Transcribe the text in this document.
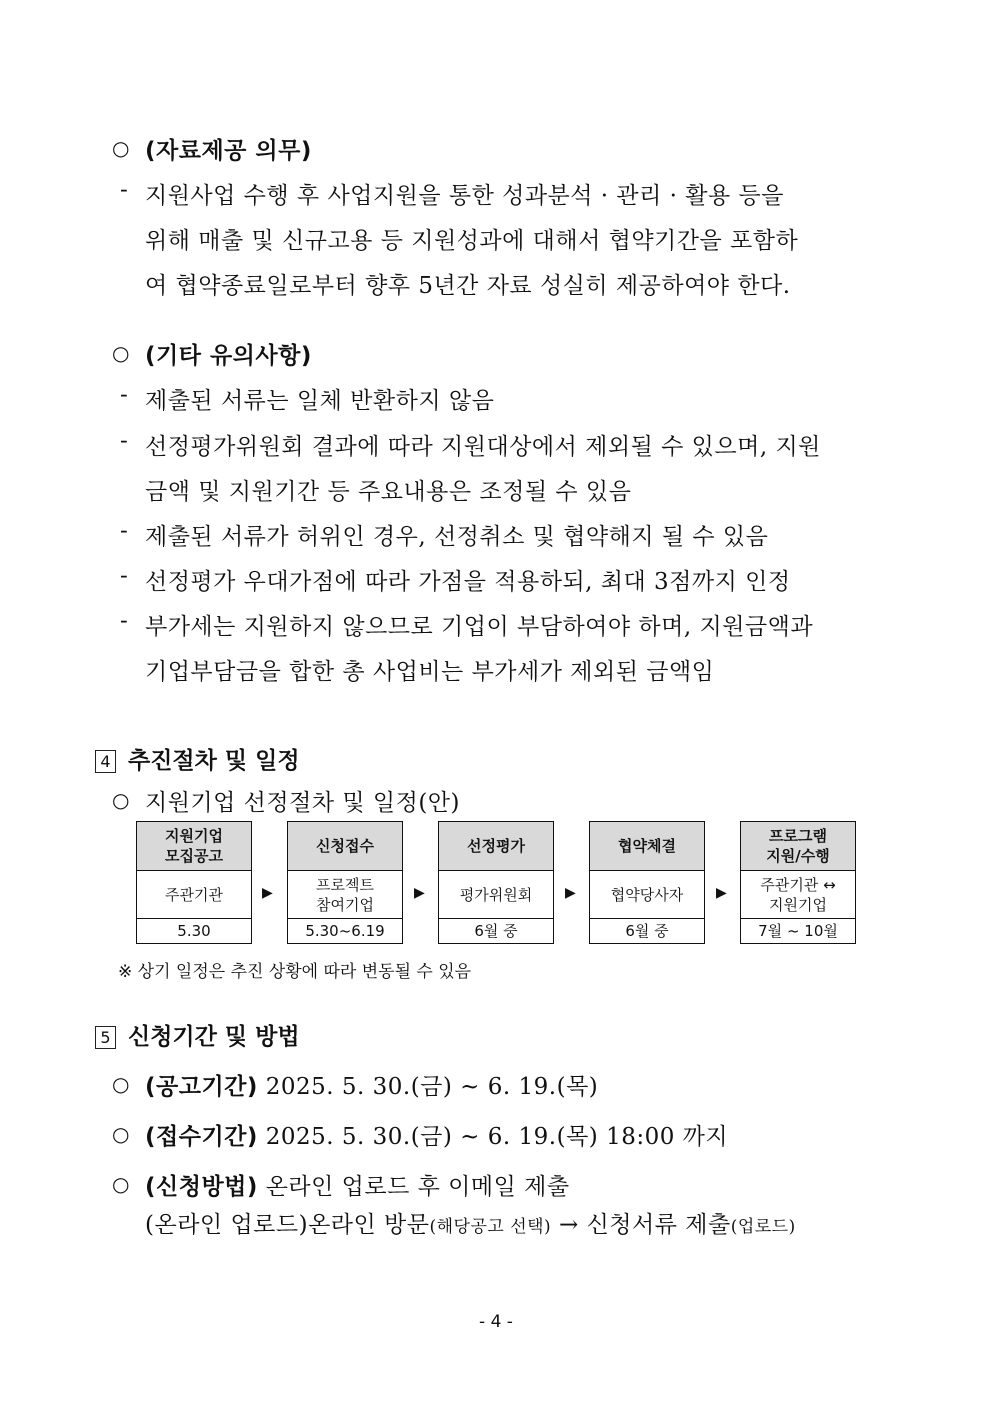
○ (자료제공 의무)
- 지원사업 수행 후 사업지원을 통한 성과분석 · 관리 · 활용 등을
위해 매출 및 신규고용 등 지원성과에 대해서 협약기간을 포함하
여 협약종료일로부터 향후 5년간 자료 성실히 제공하여야 한다.
○ (기타 유의사항)
- 제출된 서류는 일체 반환하지 않음
- 선정평가위원회 결과에 따라 지원대상에서 제외될 수 있으며, 지원
금액 및 지원기간 등 주요내용은 조정될 수 있음
- 제출된 서류가 허위인 경우, 선정취소 및 협약해지 될 수 있음
- 선정평가 우대가점에 따라 가점을 적용하되, 최대 3점까지 인정
- 부가세는 지원하지 않으므로 기업이 부담하여야 하며, 지원금액과
기업부담금을 합한 총 사업비는 부가세가 제외된 금액임
4 추진절차 및 일정
○ 지원기업 선정절차 및 일정(안)
지원기업
모집공고
주관기관
5.30
▶
신청접수
프로젝트
참여기업
5.30~6.19
▶
선정평가
평가위원회
6월 중
▶
협약체결
협약당사자
6월 중
▶
프로그램
지원/수행
주관기관 ↔
지원기업
7월 ~ 10월
※ 상기 일정은 추진 상황에 따라 변동될 수 있음
5 신청기간 및 방법
○ (공고기간) 2025. 5. 30.(금) ~ 6. 19.(목)
○ (접수기간) 2025. 5. 30.(금) ~ 6. 19.(목) 18:00 까지
○ (신청방법) 온라인 업로드 후 이메일 제출
(온라인 업로드)온라인 방문(해당공고 선택) → 신청서류 제출(업로드)
- 4 -
